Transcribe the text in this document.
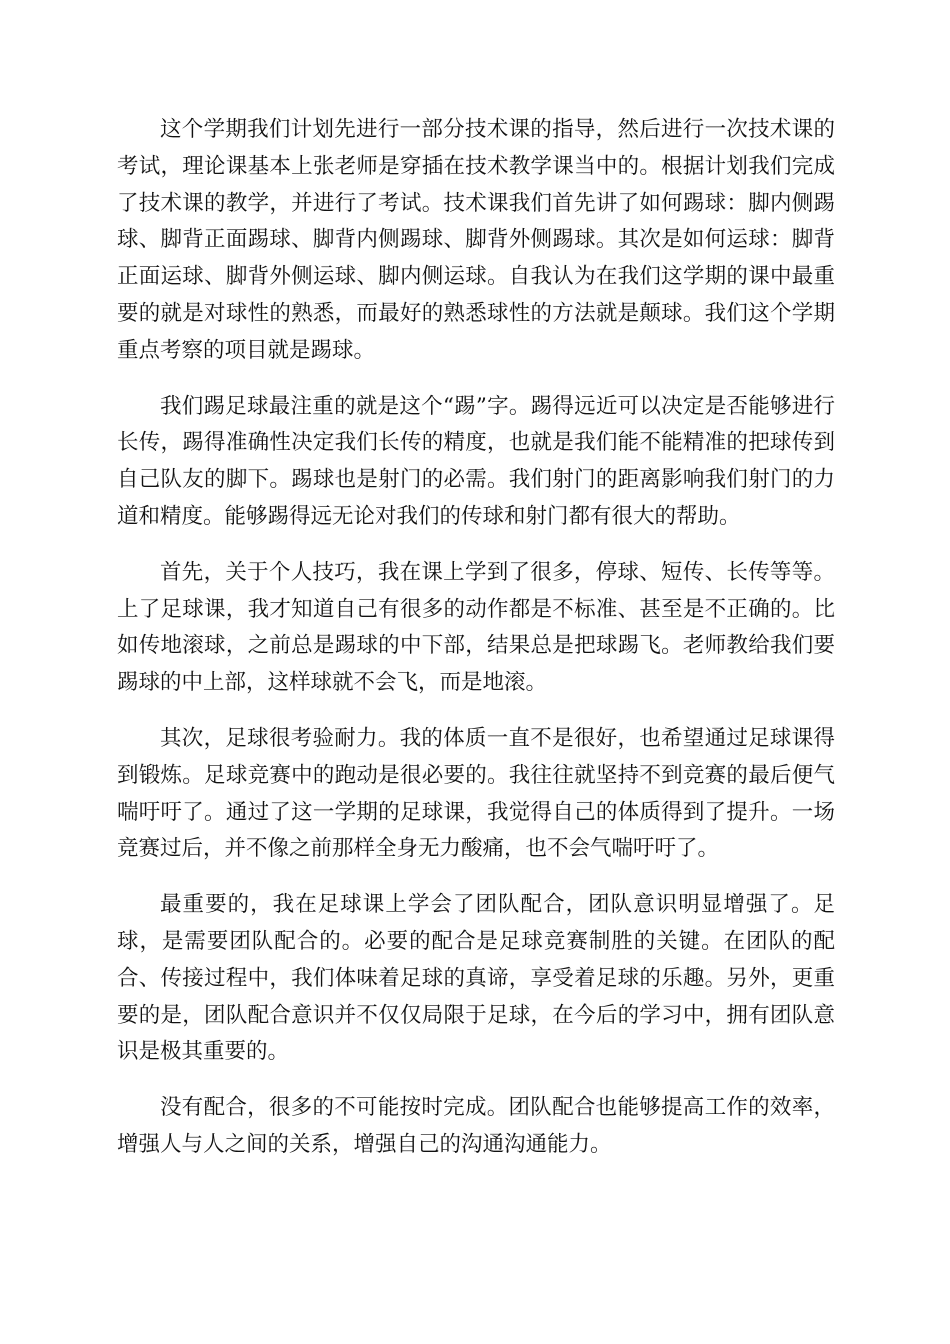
这个学期我们计划先进行一部分技术课的指导，然后进行一次技术课的考试，理论课基本上张老师是穿插在技术教学课当中的。根据计划我们完成了技术课的教学，并进行了考试。技术课我们首先讲了如何踢球：脚内侧踢球、脚背正面踢球、脚背内侧踢球、脚背外侧踢球。其次是如何运球：脚背正面运球、脚背外侧运球、脚内侧运球。自我认为在我们这学期的课中最重要的就是对球性的熟悉，而最好的熟悉球性的方法就是颠球。我们这个学期重点考察的项目就是踢球。

我们踢足球最注重的就是这个“踢”字。踢得远近可以决定是否能够进行长传，踢得准确性决定我们长传的精度，也就是我们能不能精准的把球传到自己队友的脚下。踢球也是射门的必需。我们射门的距离影响我们射门的力道和精度。能够踢得远无论对我们的传球和射门都有很大的帮助。

首先，关于个人技巧，我在课上学到了很多，停球、短传、长传等等。上了足球课，我才知道自己有很多的动作都是不标准、甚至是不正确的。比如传地滚球，之前总是踢球的中下部，结果总是把球踢飞。老师教给我们要踢球的中上部，这样球就不会飞，而是地滚。

其次，足球很考验耐力。我的体质一直不是很好，也希望通过足球课得到锻炼。足球竞赛中的跑动是很必要的。我往往就坚持不到竞赛的最后便气喘吁吁了。通过了这一学期的足球课，我觉得自己的体质得到了提升。一场竞赛过后，并不像之前那样全身无力酸痛，也不会气喘吁吁了。

最重要的，我在足球课上学会了团队配合，团队意识明显增强了。足球，是需要团队配合的。必要的配合是足球竞赛制胜的关键。在团队的配合、传接过程中，我们体味着足球的真谛，享受着足球的乐趣。另外，更重要的是，团队配合意识并不仅仅局限于足球，在今后的学习中，拥有团队意识是极其重要的。

没有配合，很多的不可能按时完成。团队配合也能够提高工作的效率，增强人与人之间的关系，增强自己的沟通沟通能力。
